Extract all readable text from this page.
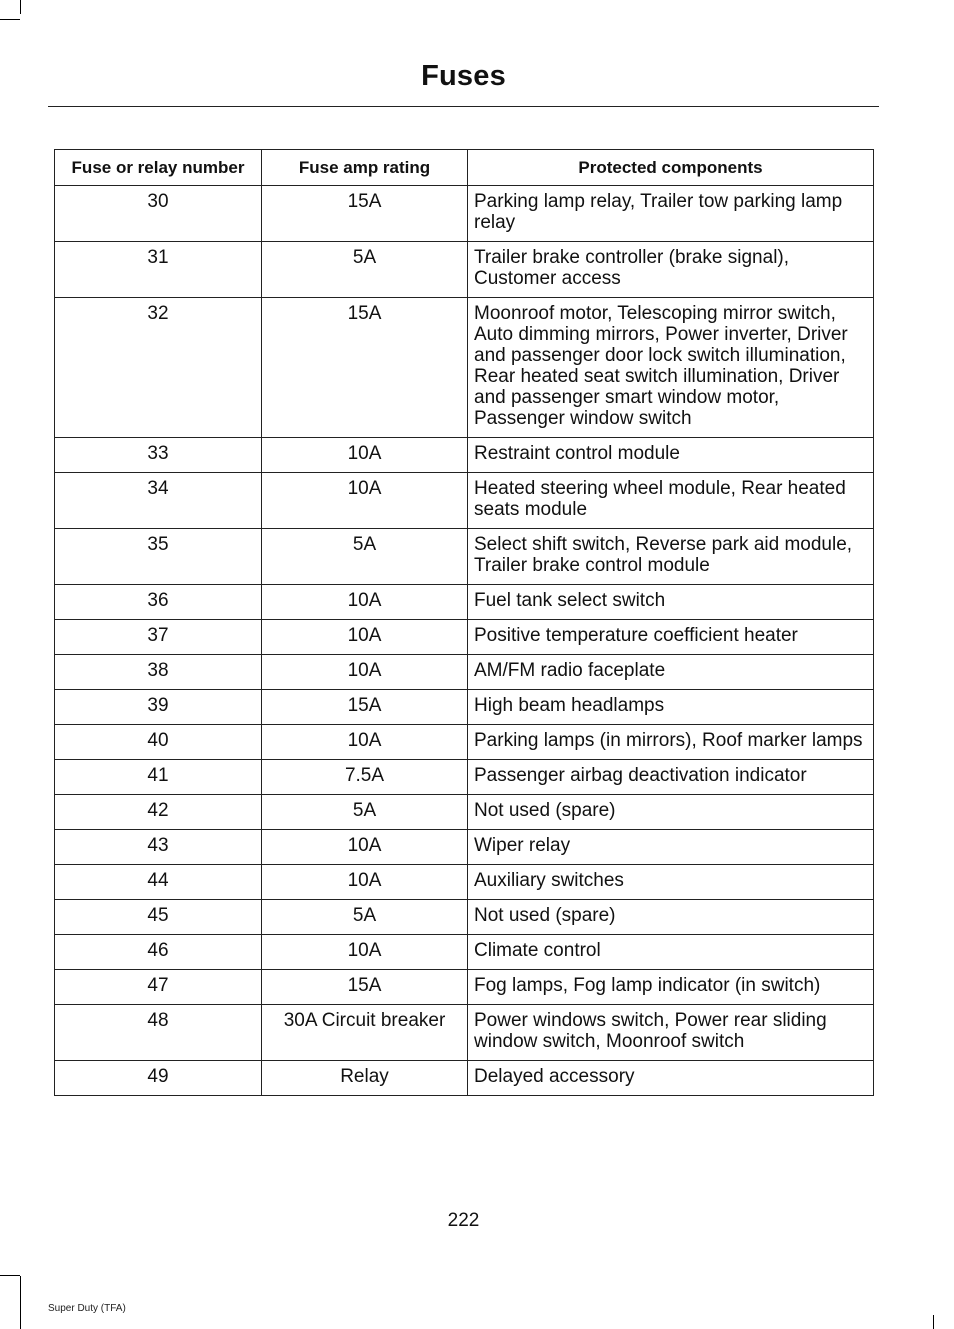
Fuses
Fuse or relay number	Fuse amp rating	Protected components
30	15A	Parking lamp relay, Trailer tow parking lamp relay
31	5A	Trailer brake controller (brake signal), Customer access
32	15A	Moonroof motor, Telescoping mirror switch, Auto dimming mirrors, Power inverter, Driver and passenger door lock switch illumination, Rear heated seat switch illumination, Driver and passenger smart window motor, Passenger window switch
33	10A	Restraint control module
34	10A	Heated steering wheel module, Rear heated seats module
35	5A	Select shift switch, Reverse park aid module, Trailer brake control module
36	10A	Fuel tank select switch
37	10A	Positive temperature coefficient heater
38	10A	AM/FM radio faceplate
39	15A	High beam headlamps
40	10A	Parking lamps (in mirrors), Roof marker lamps
41	7.5A	Passenger airbag deactivation indicator
42	5A	Not used (spare)
43	10A	Wiper relay
44	10A	Auxiliary switches
45	5A	Not used (spare)
46	10A	Climate control
47	15A	Fog lamps, Fog lamp indicator (in switch)
48	30A Circuit breaker	Power windows switch, Power rear sliding window switch, Moonroof switch
49	Relay	Delayed accessory
222
Super Duty (TFA)
